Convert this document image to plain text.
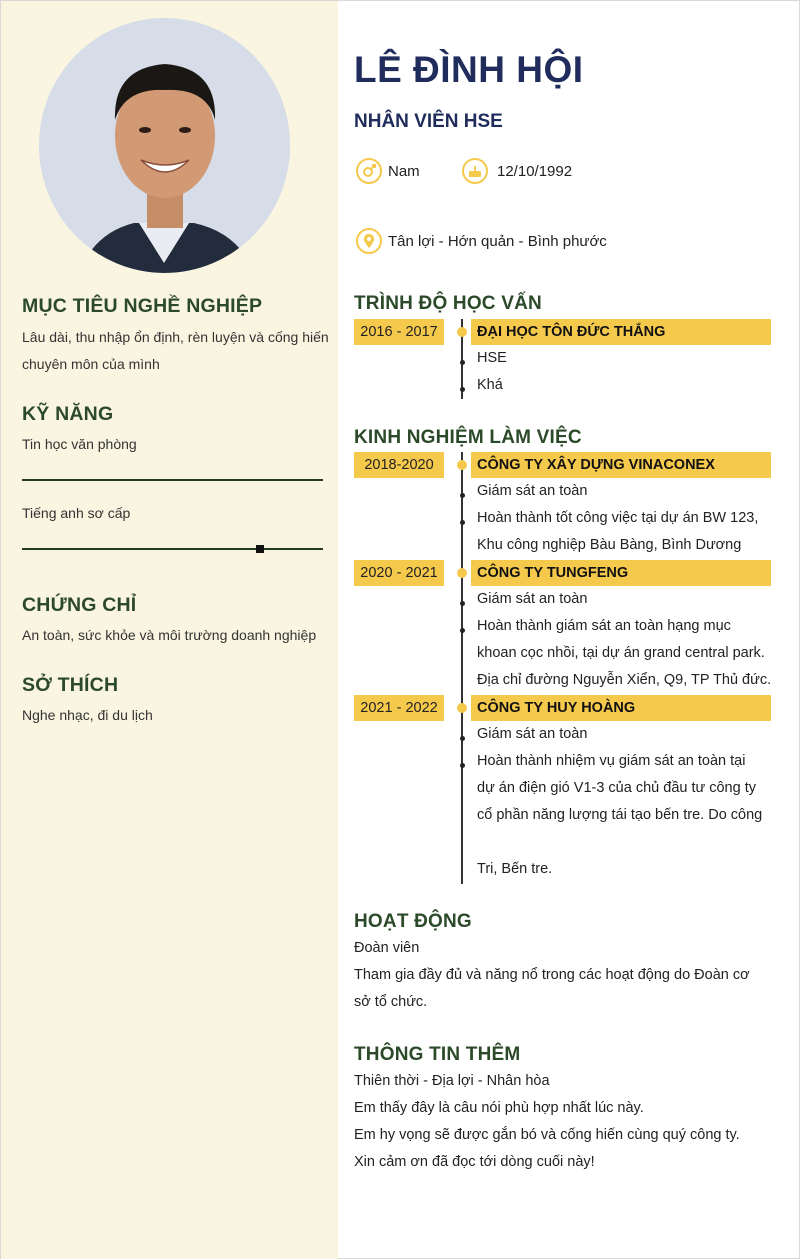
MỤC TIÊU NGHỀ NGHIỆP
Lâu dài, thu nhập ổn định, rèn luyện và cống hiến
chuyên môn của mình
KỸ NĂNG
Tin học văn phòng
Tiếng anh sơ cấp
CHỨNG CHỈ
An toàn, sức khỏe và môi trường doanh nghiệp
SỞ THÍCH
Nghe nhạc, đi du lịch
LÊ ĐÌNH HỘI
NHÂN VIÊN HSE
Nam	12/10/1992
Tân lợi - Hớn quản - Bình phước
TRÌNH ĐỘ HỌC VẤN
2016 - 2017	ĐẠI HỌC TÔN ĐỨC THẮNG
HSE
Khá
KINH NGHIỆM LÀM VIỆC
2018-2020	CÔNG TY XÂY DỰNG VINACONEX
Giám sát an toàn
Hoàn thành tốt công việc tại dự án BW 123,
Khu công nghiệp Bàu Bàng, Bình Dương
2020 - 2021	CÔNG TY TUNGFENG
Giám sát an toàn
Hoàn thành giám sát an toàn hạng mục
khoan cọc nhồi, tại dự án grand central park.
Địa chỉ đường Nguyễn Xiển, Q9, TP Thủ đức.
2021 - 2022	CÔNG TY HUY HOÀNG
Giám sát an toàn
Hoàn thành nhiệm vụ giám sát an toàn tại
dự án điện gió V1-3 của chủ đầu tư công ty
cổ phần năng lượng tái tạo bến tre. Do công
Tri, Bến tre.
HOẠT ĐỘNG
Đoàn viên
Tham gia đầy đủ và năng nổ trong các hoạt động do Đoàn cơ
sở tổ chức.
THÔNG TIN THÊM
Thiên thời - Địa lợi - Nhân hòa
Em thấy đây là câu nói phù hợp nhất lúc này.
Em hy vọng sẽ được gắn bó và cống hiến cùng quý công ty.
Xin cảm ơn đã đọc tới dòng cuối này!
